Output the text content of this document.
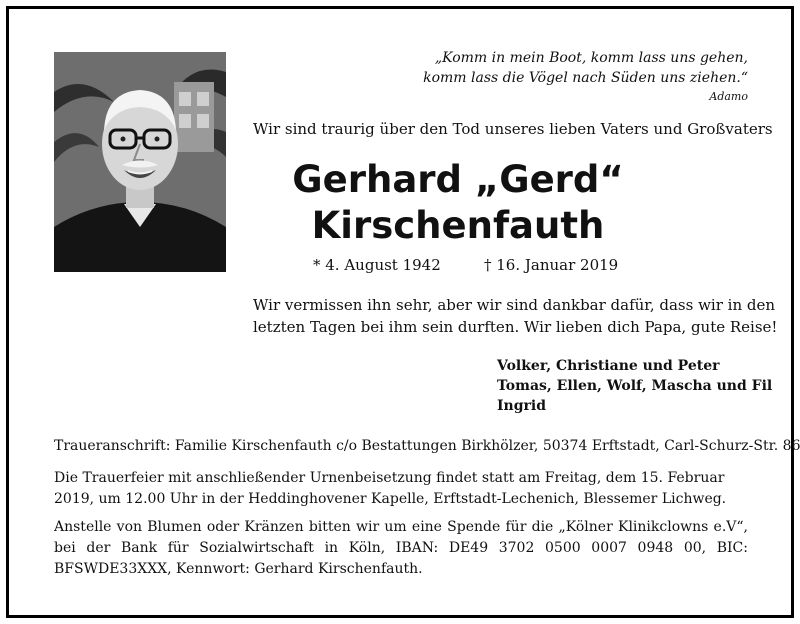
„Komm in mein Boot, komm lass uns gehen,
komm lass die Vögel nach Süden uns ziehen.“
Adamo
Wir sind traurig über den Tod unseres lieben Vaters und Großvaters
Gerhard „Gerd“
Kirschenfauth
* 4. August 1942	† 16. Januar 2019
Wir vermissen ihn sehr, aber wir sind dankbar dafür, dass wir in den
letzten Tagen bei ihm sein durften. Wir lieben dich Papa, gute Reise!
Volker, Christiane und Peter
Tomas, Ellen, Wolf, Mascha und Fil
Ingrid
Traueranschrift: Familie Kirschenfauth c/o Bestattungen Birkhölzer, 50374 Erftstadt, Carl-Schurz-Str. 86
Die Trauerfeier mit anschließender Urnenbeisetzung findet statt am Freitag, dem 15. Februar 2019, um 12.00 Uhr in der Heddinghovener Kapelle, Erftstadt-Lechenich, Blessemer Lichweg.
Anstelle von Blumen oder Kränzen bitten wir um eine Spende für die „Kölner Klinikclowns e.V“, bei der Bank für Sozialwirtschaft in Köln, IBAN: DE49 3702 0500 0007 0948 00, BIC: BFSWDE33XXX, Kennwort: Gerhard Kirschenfauth.
